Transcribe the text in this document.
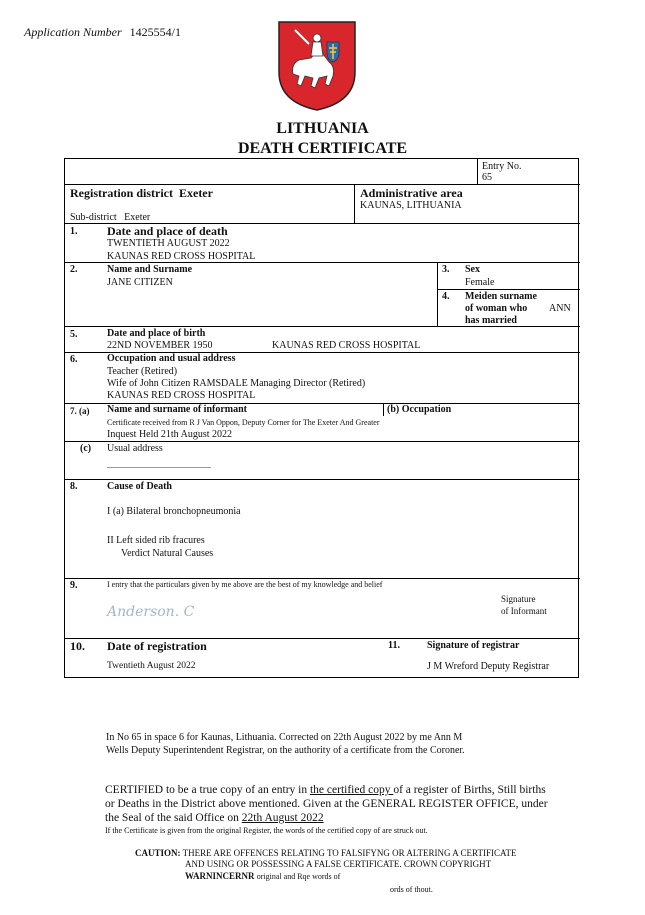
Application Number 1425554/1
LITHUANIA
DEATH CERTIFICATE
Entry No.
65
Registration district Exeter
Sub-district Exeter
Administrative area
KAUNAS, LITHUANIA
1. Date and place of death
TWENTIETH AUGUST 2022
KAUNAS RED CROSS HOSPITAL
2.	Name and Surname
JANE CITIZEN
3. Sex
Female
4. Meiden surname
of woman who ANN
has married
5.	Date and place of birth
22ND NOVEMBER 1950	KAUNAS RED CROSS HOSPITAL
6.	Occupation and usual address
Teacher (Retired)
Wife of John Citizen RAMSDALE Managing Director (Retired)
KAUNAS RED CROSS HOSPITAL
7. (a) Name and surname of informant	(b) Occupation
Certificate received from R J Van Oppon, Deputy Corner for The Exeter And Greater
Inquest Held 21th August 2022
(c) Usual address
8.	Cause of Death
I (a) Bilateral bronchopneumonia
II Left sided rib fracures
Verdict Natural Causes
9.	I entry that the particulars given by me above are the best of my knowledge and belief
Signature
of Informant
Anderson. C
10. Date of registration
Twentieth August 2022
11.	Signature of registrar
J M Wreford Deputy Registrar
In No 65 in space 6 for Kaunas, Lithuania. Corrected on 22th August 2022 by me Ann M
Wells Deputy Superintendent Registrar, on the authority of a certificate from the Coroner.
CERTIFIED to be a true copy of an entry in the certified copy of a register of Births, Still births
or Deaths in the District above mentioned. Given at the GENERAL REGISTER OFFICE, under
the Seal of the said Office on 22th August 2022
If the Certificate is given from the original Register, the words of the certified copy of are struck out.
CAUTION: THERE ARE OFFENCES RELATING TO FALSIFYNG OR ALTERING A CERTIFICATE
AND USING OR POSSESSING A FALSE CERTIFICATE. CROWN COPYRIGHT
WARNINCERNR original and Rqe words of
ords of thout.
